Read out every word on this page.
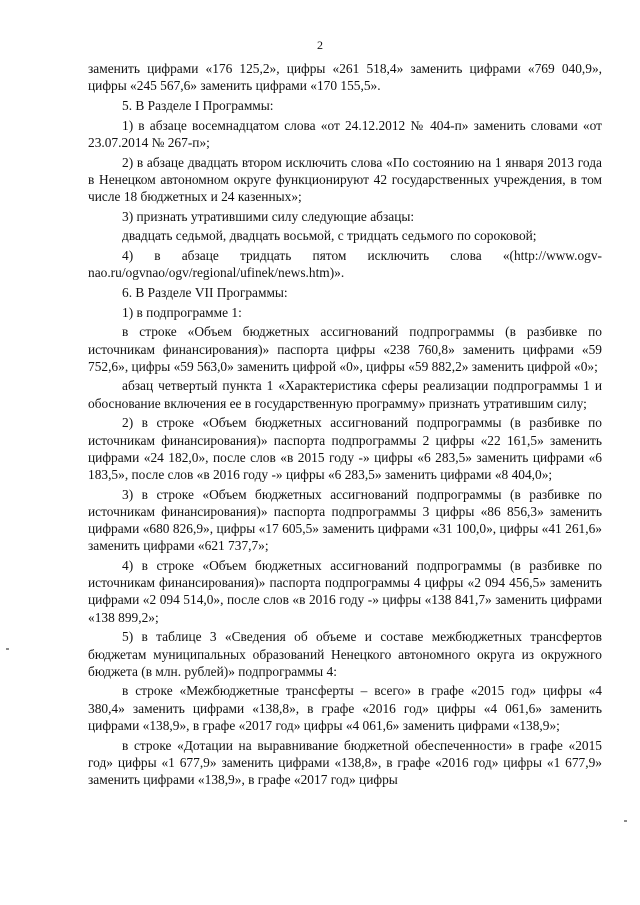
2

заменить цифрами «176 125,2», цифры «261 518,4» заменить цифрами «769 040,9», цифры «245 567,6» заменить цифрами «170 155,5».

5. В Разделе I Программы:

1) в абзаце восемнадцатом слова «от 24.12.2012 № 404-п» заменить словами «от 23.07.2014 № 267-п»;

2) в абзаце двадцать втором исключить слова «По состоянию на 1 января 2013 года в Ненецком автономном округе функционируют 42 государственных учреждения, в том числе 18 бюджетных и 24 казенных»;

3) признать утратившими силу следующие абзацы:

двадцать седьмой, двадцать восьмой, с тридцать седьмого по сороковой;

4) в абзаце тридцать пятом исключить слова «(http://www.ogv-nao.ru/ogvnao/ogv/regional/ufinek/news.htm)».

6. В Разделе VII Программы:

1) в подпрограмме 1:

в строке «Объем бюджетных ассигнований подпрограммы (в разбивке по источникам финансирования)» паспорта цифры «238 760,8» заменить цифрами «59 752,6», цифры «59 563,0» заменить цифрой «0», цифры «59 882,2» заменить цифрой «0»;

абзац четвертый пункта 1 «Характеристика сферы реализации подпрограммы 1 и обоснование включения ее в государственную программу» признать утратившим силу;

2) в строке «Объем бюджетных ассигнований подпрограммы (в разбивке по источникам финансирования)» паспорта подпрограммы 2 цифры «22 161,5» заменить цифрами «24 182,0», после слов «в 2015 году -» цифры «6 283,5» заменить цифрами «6 183,5», после слов «в 2016 году -» цифры «6 283,5» заменить цифрами «8 404,0»;

3) в строке «Объем бюджетных ассигнований подпрограммы (в разбивке по источникам финансирования)» паспорта подпрограммы 3 цифры «86 856,3» заменить цифрами «680 826,9», цифры «17 605,5» заменить цифрами «31 100,0», цифры «41 261,6» заменить цифрами «621 737,7»;

4) в строке «Объем бюджетных ассигнований подпрограммы (в разбивке по источникам финансирования)» паспорта подпрограммы 4 цифры «2 094 456,5» заменить цифрами «2 094 514,0», после слов «в 2016 году -» цифры «138 841,7» заменить цифрами «138 899,2»;

5) в таблице 3 «Сведения об объеме и составе межбюджетных трансфертов бюджетам муниципальных образований Ненецкого автономного округа из окружного бюджета (в млн. рублей)» подпрограммы 4:

в строке «Межбюджетные трансферты – всего» в графе «2015 год» цифры «4 380,4» заменить цифрами «138,8», в графе «2016 год» цифры «4 061,6» заменить цифрами «138,9», в графе «2017 год» цифры «4 061,6» заменить цифрами «138,9»;

в строке «Дотации на выравнивание бюджетной обеспеченности» в графе «2015 год» цифры «1 677,9» заменить цифрами «138,8», в графе «2016 год» цифры «1 677,9» заменить цифрами «138,9», в графе «2017 год» цифры
